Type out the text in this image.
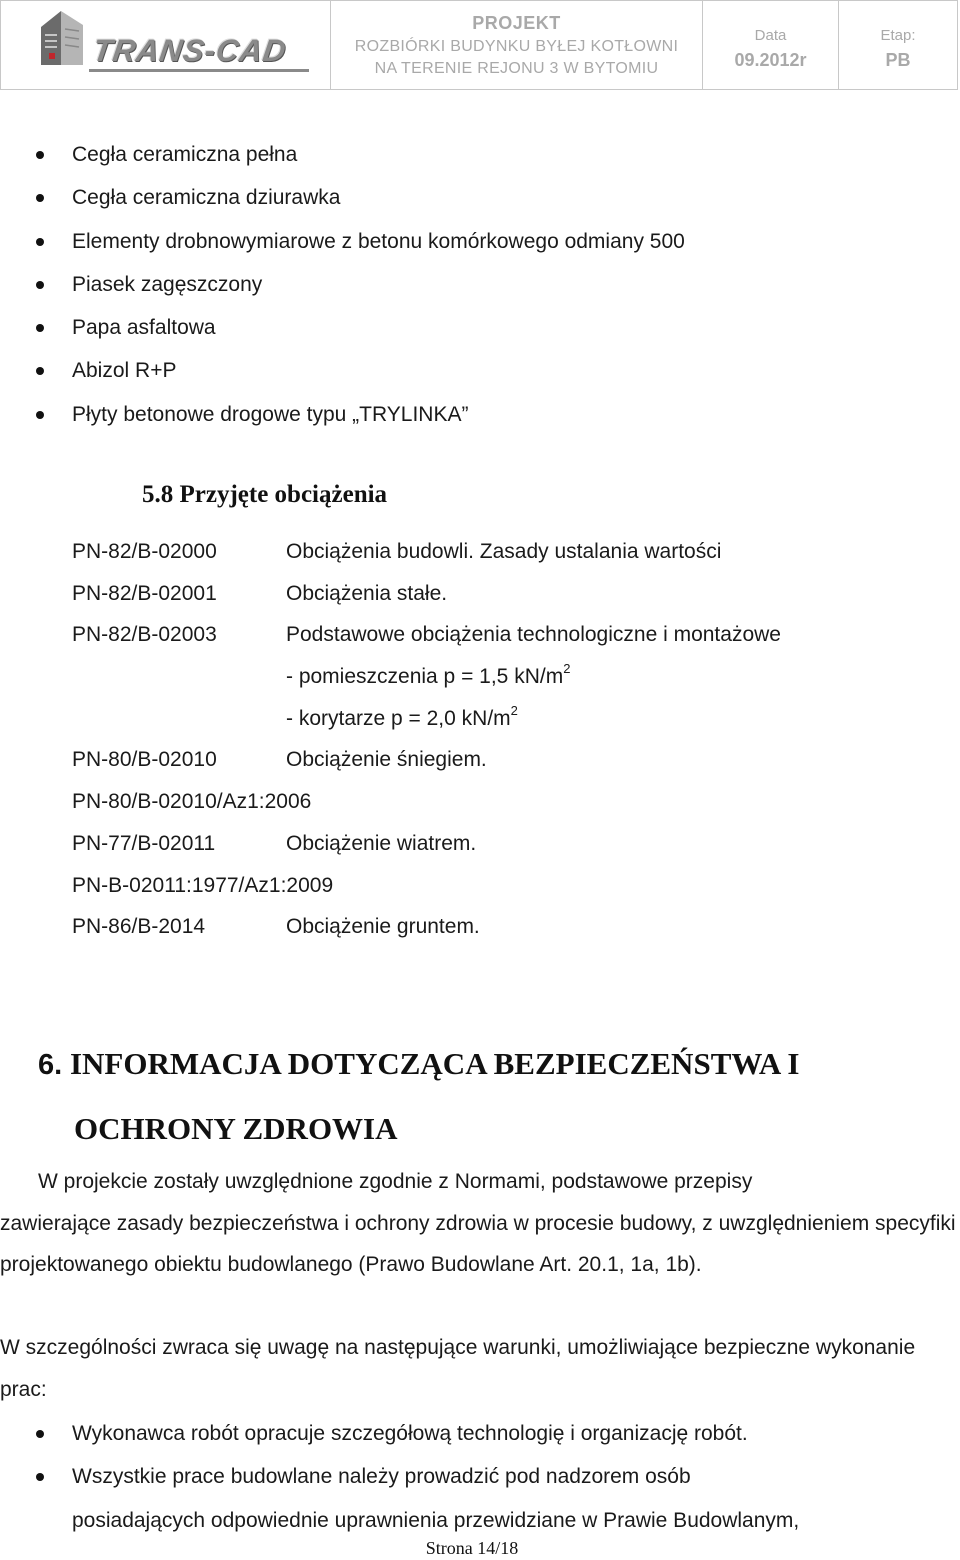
TRANS-CAD
PROJEKT
ROZBIÓRKI BUDYNKU BYŁEJ KOTŁOWNI
NA TERENIE REJONU 3 W BYTOMIU
Data
09.2012r
Etap:
PB
Cegła ceramiczna pełna
Cegła ceramiczna dziurawka
Elementy drobnowymiarowe z betonu komórkowego odmiany 500
Piasek zagęszczony
Papa asfaltowa
Abizol R+P
Płyty betonowe drogowe typu „TRYLINKA”
5.8 Przyjęte obciążenia
PN-82/B-02000	Obciążenia budowli. Zasady ustalania wartości
PN-82/B-02001	Obciążenia stałe.
PN-82/B-02003	Podstawowe obciążenia technologiczne i montażowe
- pomieszczenia p = 1,5 $kN/m^2$
- korytarze p = 2,0 $kN/m^2$
PN-80/B-02010	Obciążenie śniegiem.
PN-80/B-02010/Az1:2006
PN-77/B-02011	Obciążenie wiatrem.
PN-B-02011:1977/Az1:2009
PN-86/B-2014	Obciążenie gruntem.
6. INFORMACJA DOTYCZĄCA BEZPIECZEŃSTWA I
OCHRONY ZDROWIA
W projekcie zostały uwzględnione zgodnie z Normami, podstawowe przepisy
zawierające zasady bezpieczeństwa i ochrony zdrowia w procesie budowy, z uwzględnieniem specyfiki projektowanego obiektu budowlanego (Prawo Budowlane Art. 20.1, 1a, 1b).
W szczególności zwraca się uwagę na następujące warunki, umożliwiające bezpieczne wykonanie prac:
Wykonawca robót opracuje szczegółową technologię i organizację robót.
Wszystkie prace budowlane należy prowadzić pod nadzorem osób
posiadających odpowiednie uprawnienia przewidziane w Prawie Budowlanym,
Strona 14/18
